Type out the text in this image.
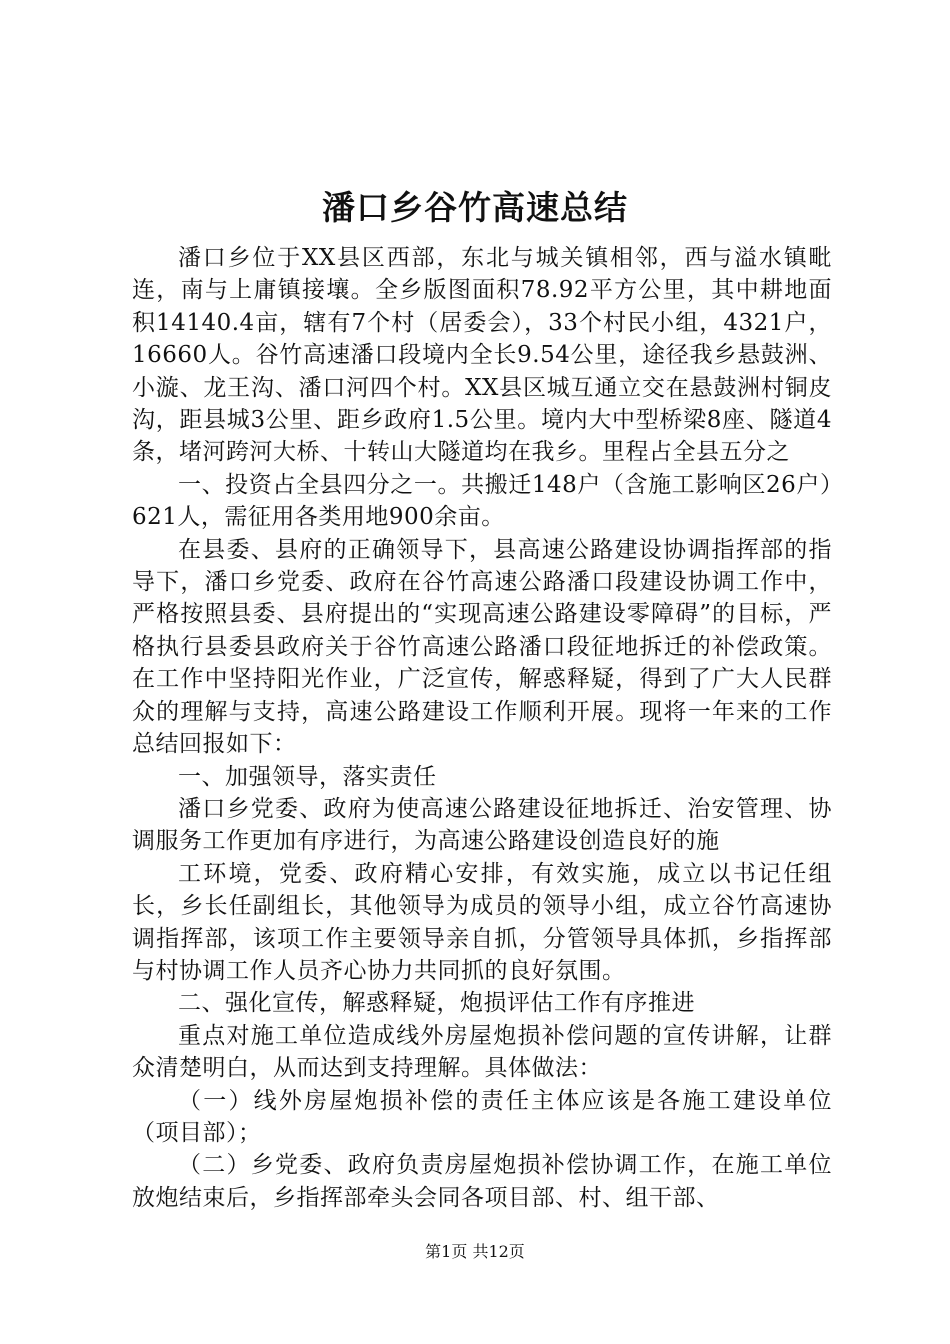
潘口乡谷竹高速总结

潘口乡位于XX县区西部，东北与城关镇相邻，西与溢水镇毗连，南与上庸镇接壤。全乡版图面积78.92平方公里，其中耕地面积14140.4亩，辖有7个村（居委会），33个村民小组，4321户，16660人。谷竹高速潘口段境内全长9.54公里，途径我乡悬鼓洲、小漩、龙王沟、潘口河四个村。XX县区城互通立交在悬鼓洲村铜皮沟，距县城3公里、距乡政府1.5公里。境内大中型桥梁8座、隧道4条，堵河跨河大桥、十转山大隧道均在我乡。里程占全县五分之

一、投资占全县四分之一。共搬迁148户（含施工影响区26户）621人，需征用各类用地900余亩。

在县委、县府的正确领导下，县高速公路建设协调指挥部的指导下，潘口乡党委、政府在谷竹高速公路潘口段建设协调工作中，严格按照县委、县府提出的“实现高速公路建设零障碍”的目标，严格执行县委县政府关于谷竹高速公路潘口段征地拆迁的补偿政策。在工作中坚持阳光作业，广泛宣传，解惑释疑，得到了广大人民群众的理解与支持，高速公路建设工作顺利开展。现将一年来的工作总结回报如下：

一、加强领导，落实责任

潘口乡党委、政府为使高速公路建设征地拆迁、治安管理、协调服务工作更加有序进行，为高速公路建设创造良好的施

工环境，党委、政府精心安排，有效实施，成立以书记任组长，乡长任副组长，其他领导为成员的领导小组，成立谷竹高速协调指挥部，该项工作主要领导亲自抓，分管领导具体抓，乡指挥部与村协调工作人员齐心协力共同抓的良好氛围。

二、强化宣传，解惑释疑，炮损评估工作有序推进

重点对施工单位造成线外房屋炮损补偿问题的宣传讲解，让群众清楚明白，从而达到支持理解。具体做法：

（一）线外房屋炮损补偿的责任主体应该是各施工建设单位（项目部）；

（二）乡党委、政府负责房屋炮损补偿协调工作，在施工单位放炮结束后，乡指挥部牵头会同各项目部、村、组干部、

第1页 共12页
